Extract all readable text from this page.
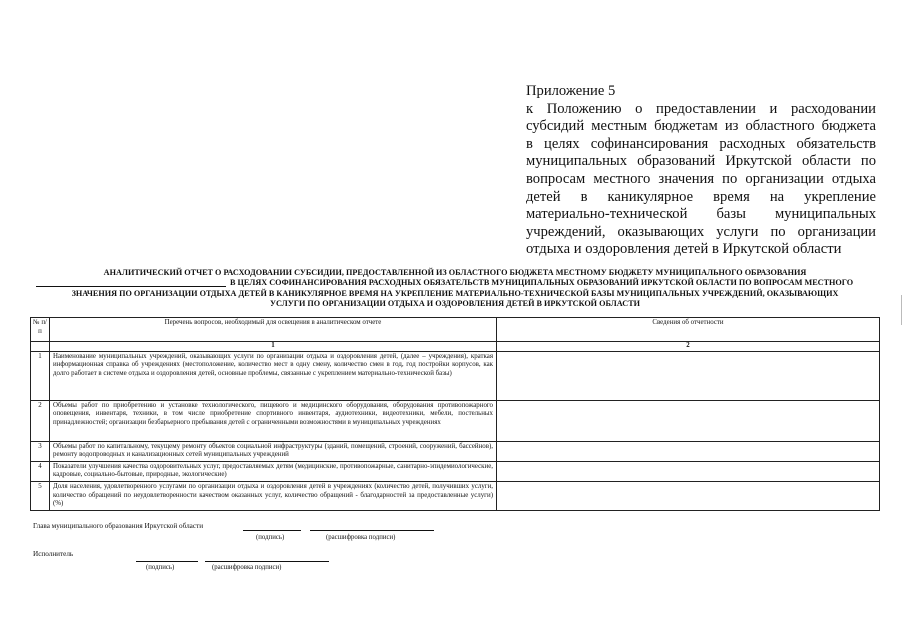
Приложение 5
к Положению о предоставлении и расходовании
субсидий местным бюджетам из областного бюджета
в целях софинансирования расходных обязательств
муниципальных образований Иркутской области по
вопросам местного значения по организации отдыха
детей в каникулярное время на укрепление
материально-технической базы муниципальных
учреждений, оказывающих услуги по организации
отдыха и оздоровления детей в Иркутской области
АНАЛИТИЧЕСКИЙ ОТЧЕТ О РАСХОДОВАНИИ СУБСИДИИ, ПРЕДОСТАВЛЕННОЙ ИЗ ОБЛАСТНОГО БЮДЖЕТА МЕСТНОМУ БЮДЖЕТУ МУНИЦИПАЛЬНОГО ОБРАЗОВАНИЯ
В ЦЕЛЯХ СОФИНАНСИРОВАНИЯ РАСХОДНЫХ ОБЯЗАТЕЛЬСТВ МУНИЦИПАЛЬНЫХ ОБРАЗОВАНИЙ ИРКУТСКОЙ ОБЛАСТИ ПО ВОПРОСАМ МЕСТНОГО
ЗНАЧЕНИЯ ПО ОРГАНИЗАЦИИ ОТДЫХА ДЕТЕЙ В КАНИКУЛЯРНОЕ ВРЕМЯ НА УКРЕПЛЕНИЕ МАТЕРИАЛЬНО-ТЕХНИЧЕСКОЙ БАЗЫ МУНИЦИПАЛЬНЫХ УЧРЕЖДЕНИЙ, ОКАЗЫВАЮЩИХ
УСЛУГИ ПО ОРГАНИЗАЦИИ ОТДЫХА И ОЗДОРОВЛЕНИЯ ДЕТЕЙ В ИРКУТСКОЙ ОБЛАСТИ
№ п/п	Перечень вопросов, необходимый для освещения в аналитическом отчете	Сведения об отчетности
	1	2
1	Наименование муниципальных учреждений, оказывающих услуги по организации отдыха и оздоровления детей, (далее – учреждения), краткая информационная справка об учреждениях (местоположение, количество мест в одну смену, количество смен в год, год постройки корпусов, как долго работает в системе отдыха и оздоровления детей, основные проблемы, связанные с укреплением материально-технической базы)	
2	Объемы работ по приобретению и установке технологического, пищевого и медицинского оборудования, оборудования противопожарного оповещения, инвентаря, техники, в том числе приобретение спортивного инвентаря, аудиотехники, видеотехники, мебели, постельных принадлежностей; организации безбарьерного пребывания детей с ограниченными возможностями в муниципальных учреждениях	
3	Объемы работ по капитальному, текущему ремонту объектов социальной инфраструктуры (зданий, помещений, строений, сооружений, бассейнов), ремонту водопроводных и канализационных сетей муниципальных учреждений	
4	Показатели улучшения качества оздоровительных услуг, предоставляемых детям (медицинские, противопожарные, санитарно-эпидемиологические, кадровые, социально-бытовые, природные, экологические)	
5	Доля населения, удовлетворенного услугами по организации отдыха и оздоровления детей в учреждениях (количество детей, получивших услуги, количество обращений по неудовлетворенности качеством оказанных услуг, количество обращений - благодарностей за предоставленные услуги) (%)	
Глава муниципального образования Иркутской области
(подпись)	(расшифровка подписи)
Исполнитель
(подпись)	(расшифровка подписи)
